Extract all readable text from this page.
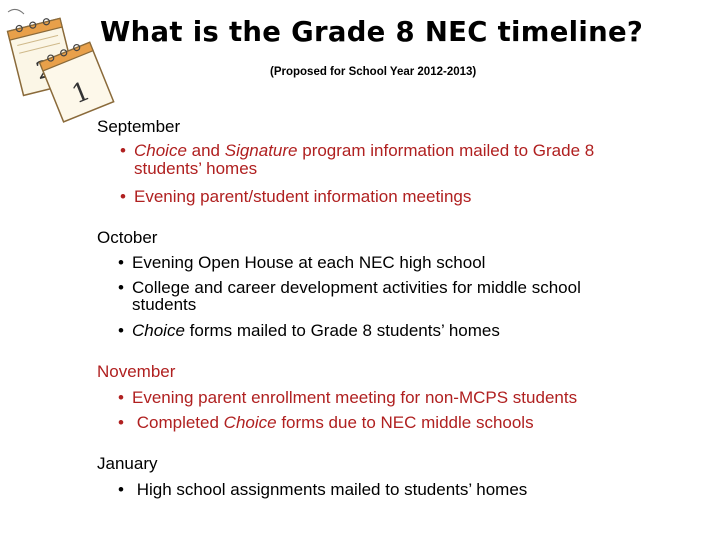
1
What is the Grade 8 NEC timeline?
(Proposed for School Year 2012-2013)
September
• Choice and Signature program information mailed to Grade 8
students’ homes
• Evening parent/student information meetings
October
• Evening Open House at each NEC high school
• College and career development activities for middle school
students
• Choice forms mailed to Grade 8 students’ homes
November
• Evening parent enrollment meeting for non-MCPS students
• Completed Choice forms due to NEC middle schools
January
• High school assignments mailed to students’ homes
